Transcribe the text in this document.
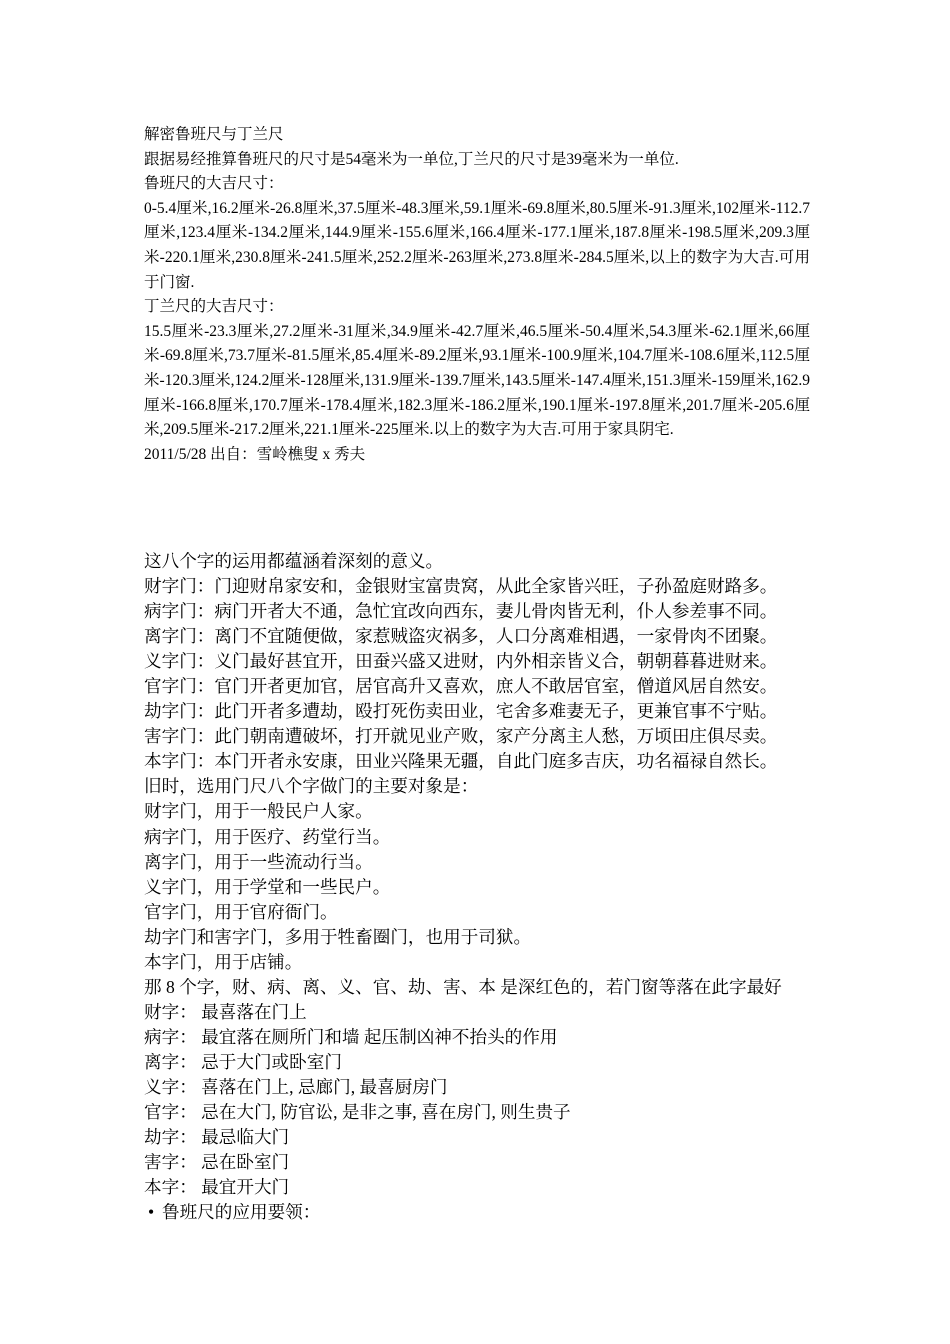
解密鲁班尺与丁兰尺

跟据易经推算鲁班尺的尺寸是54毫米为一单位,丁兰尺的尺寸是39毫米为一单位.

鲁班尺的大吉尺寸：

0-5.4厘米,16.2厘米-26.8厘米,37.5厘米-48.3厘米,59.1厘米-69.8厘米,80.5厘米-91.3厘米,102厘米-112.7厘米,123.4厘米-134.2厘米,144.9厘米-155.6厘米,166.4厘米-177.1厘米,187.8厘米-198.5厘米,209.3厘米-220.1厘米,230.8厘米-241.5厘米,252.2厘米-263厘米,273.8厘米-284.5厘米,以上的数字为大吉.可用于门窗.

丁兰尺的大吉尺寸：

15.5厘米-23.3厘米,27.2厘米-31厘米,34.9厘米-42.7厘米,46.5厘米-50.4厘米,54.3厘米-62.1厘米,66厘米-69.8厘米,73.7厘米-81.5厘米,85.4厘米-89.2厘米,93.1厘米-100.9厘米,104.7厘米-108.6厘米,112.5厘米-120.3厘米,124.2厘米-128厘米,131.9厘米-139.7厘米,143.5厘米-147.4厘米,151.3厘米-159厘米,162.9厘米-166.8厘米,170.7厘米-178.4厘米,182.3厘米-186.2厘米,190.1厘米-197.8厘米,201.7厘米-205.6厘米,209.5厘米-217.2厘米,221.1厘米-225厘米.以上的数字为大吉.可用于家具阴宅.

2011/5/28 出自：雪岭樵叟 x 秀夫

这八个字的运用都蕴涵着深刻的意义。

财字门：门迎财帛家安和，金银财宝富贵窝，从此全家皆兴旺，子孙盈庭财路多。

病字门：病门开者大不通，急忙宜改向西东，妻儿骨肉皆无利，仆人参差事不同。

离字门：离门不宜随便做，家惹贼盗灾祸多，人口分离难相遇，一家骨肉不团聚。

义字门：义门最好甚宜开，田蚕兴盛又进财，内外相亲皆义合，朝朝暮暮进财来。

官字门：官门开者更加官，居官高升又喜欢，庶人不敢居官室，僧道风居自然安。

劫字门：此门开者多遭劫，殴打死伤卖田业，宅舍多难妻无子，更兼官事不宁贴。

害字门：此门朝南遭破坏，打开就见业产败，家产分离主人愁，万顷田庄俱尽卖。

本字门：本门开者永安康，田业兴隆果无疆，自此门庭多吉庆，功名福禄自然长。

旧时，选用门尺八个字做门的主要对象是：

财字门，用于一般民户人家。

病字门，用于医疗、药堂行当。

离字门，用于一些流动行当。

义字门，用于学堂和一些民户。

官字门，用于官府衙门。

劫字门和害字门，多用于牲畜圈门，也用于司狱。

本字门，用于店铺。

那 8 个字，财、病、离、义、官、劫、害、本 是深红色的，若门窗等落在此字最好

财字： 最喜落在门上

病字： 最宜落在厕所门和墙 起压制凶神不抬头的作用

离字： 忌于大门或卧室门

义字： 喜落在门上, 忌廊门, 最喜厨房门

官字： 忌在大门, 防官讼, 是非之事, 喜在房门, 则生贵子

劫字： 最忌临大门

害字： 忌在卧室门

本字： 最宜开大门

• 鲁班尺的应用要领：
